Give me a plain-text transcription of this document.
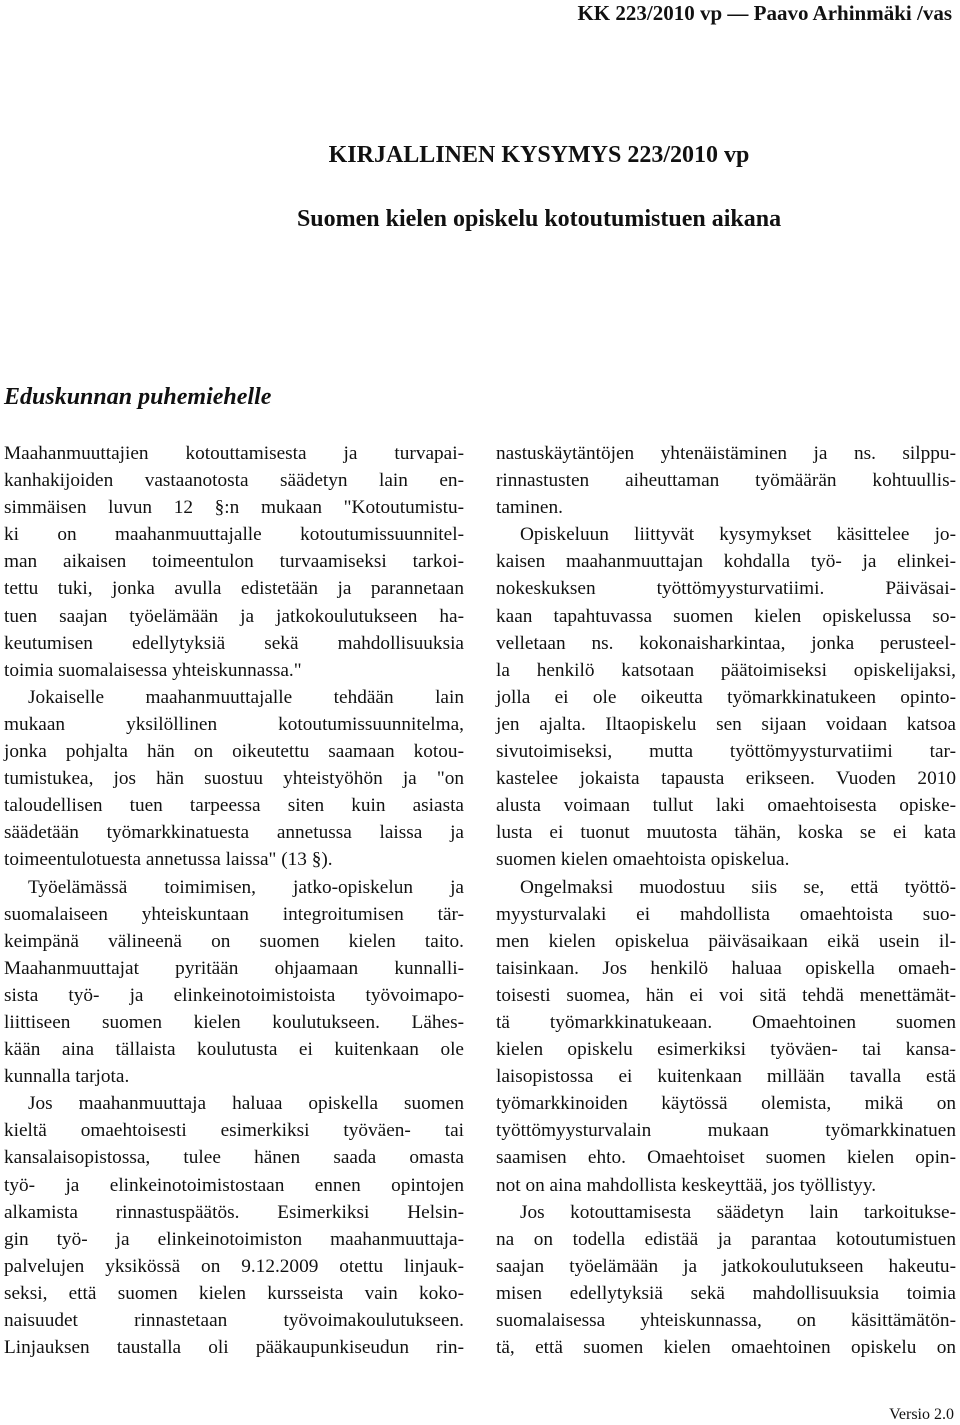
KK 223/2010 vp — Paavo Arhinmäki /vas
KIRJALLINEN KYSYMYS 223/2010 vp
Suomen kielen opiskelu kotoutumistuen aikana
Eduskunnan puhemiehelle
Maahanmuuttajien kotouttamisesta ja turvapai-
kanhakijoiden vastaanotosta säädetyn lain en-
simmäisen luvun 12 §:n mukaan "Kotoutumistu-
ki on maahanmuuttajalle kotoutumissuunnitel-
man aikaisen toimeentulon turvaamiseksi tarkoi-
tettu tuki, jonka avulla edistetään ja parannetaan
tuen saajan työelämään ja jatkokoulutukseen ha-
keutumisen edellytyksiä sekä mahdollisuuksia
toimia suomalaisessa yhteiskunnassa."
Jokaiselle maahanmuuttajalle tehdään lain
mukaan yksilöllinen kotoutumissuunnitelma,
jonka pohjalta hän on oikeutettu saamaan kotou-
tumistukea, jos hän suostuu yhteistyöhön ja "on
taloudellisen tuen tarpeessa siten kuin asiasta
säädetään työmarkkinatuesta annetussa laissa ja
toimeentulotuesta annetussa laissa" (13 §).
Työelämässä toimimisen, jatko-opiskelun ja
suomalaiseen yhteiskuntaan integroitumisen tär-
keimpänä välineenä on suomen kielen taito.
Maahanmuuttajat pyritään ohjaamaan kunnalli-
sista työ- ja elinkeinotoimistoista työvoimapo-
liittiseen suomen kielen koulutukseen. Lähes-
kään aina tällaista koulutusta ei kuitenkaan ole
kunnalla tarjota.
Jos maahanmuuttaja haluaa opiskella suomen
kieltä omaehtoisesti esimerkiksi työväen- tai
kansalaisopistossa, tulee hänen saada omasta
työ- ja elinkeinotoimistostaan ennen opintojen
alkamista rinnastuspäätös. Esimerkiksi Helsin-
gin työ- ja elinkeinotoimiston maahanmuuttaja-
palvelujen yksikössä on 9.12.2009 otettu linjauk-
seksi, että suomen kielen kursseista vain koko-
naisuudet rinnastetaan työvoimakoulutukseen.
Linjauksen taustalla oli pääkaupunkiseudun rin-
nastuskäytäntöjen yhtenäistäminen ja ns. silppu-
rinnastusten aiheuttaman työmäärän kohtuullis-
taminen.
Opiskeluun liittyvät kysymykset käsittelee jo-
kaisen maahanmuuttajan kohdalla työ- ja elinkei-
nokeskuksen työttömyysturvatiimi. Päiväsai-
kaan tapahtuvassa suomen kielen opiskelussa so-
velletaan ns. kokonaisharkintaa, jonka perusteel-
la henkilö katsotaan päätoimiseksi opiskelijaksi,
jolla ei ole oikeutta työmarkkinatukeen opinto-
jen ajalta. Iltaopiskelu sen sijaan voidaan katsoa
sivutoimiseksi, mutta työttömyysturvatiimi tar-
kastelee jokaista tapausta erikseen. Vuoden 2010
alusta voimaan tullut laki omaehtoisesta opiske-
lusta ei tuonut muutosta tähän, koska se ei kata
suomen kielen omaehtoista opiskelua.
Ongelmaksi muodostuu siis se, että työttö-
myysturvalaki ei mahdollista omaehtoista suo-
men kielen opiskelua päiväsaikaan eikä usein il-
taisinkaan. Jos henkilö haluaa opiskella omaeh-
toisesti suomea, hän ei voi sitä tehdä menettämät-
tä työmarkkinatukeaan. Omaehtoinen suomen
kielen opiskelu esimerkiksi työväen- tai kansa-
laisopistossa ei kuitenkaan millään tavalla estä
työmarkkinoiden käytössä olemista, mikä on
työttömyysturvalain mukaan työmarkkinatuen
saamisen ehto. Omaehtoiset suomen kielen opin-
not on aina mahdollista keskeyttää, jos työllistyy.
Jos kotouttamisesta säädetyn lain tarkoitukse-
na on todella edistää ja parantaa kotoutumistuen
saajan työelämään ja jatkokoulutukseen hakeutu-
misen edellytyksiä sekä mahdollisuuksia toimia
suomalaisessa yhteiskunnassa, on käsittämätön-
tä, että suomen kielen omaehtoinen opiskelu on
Versio 2.0
